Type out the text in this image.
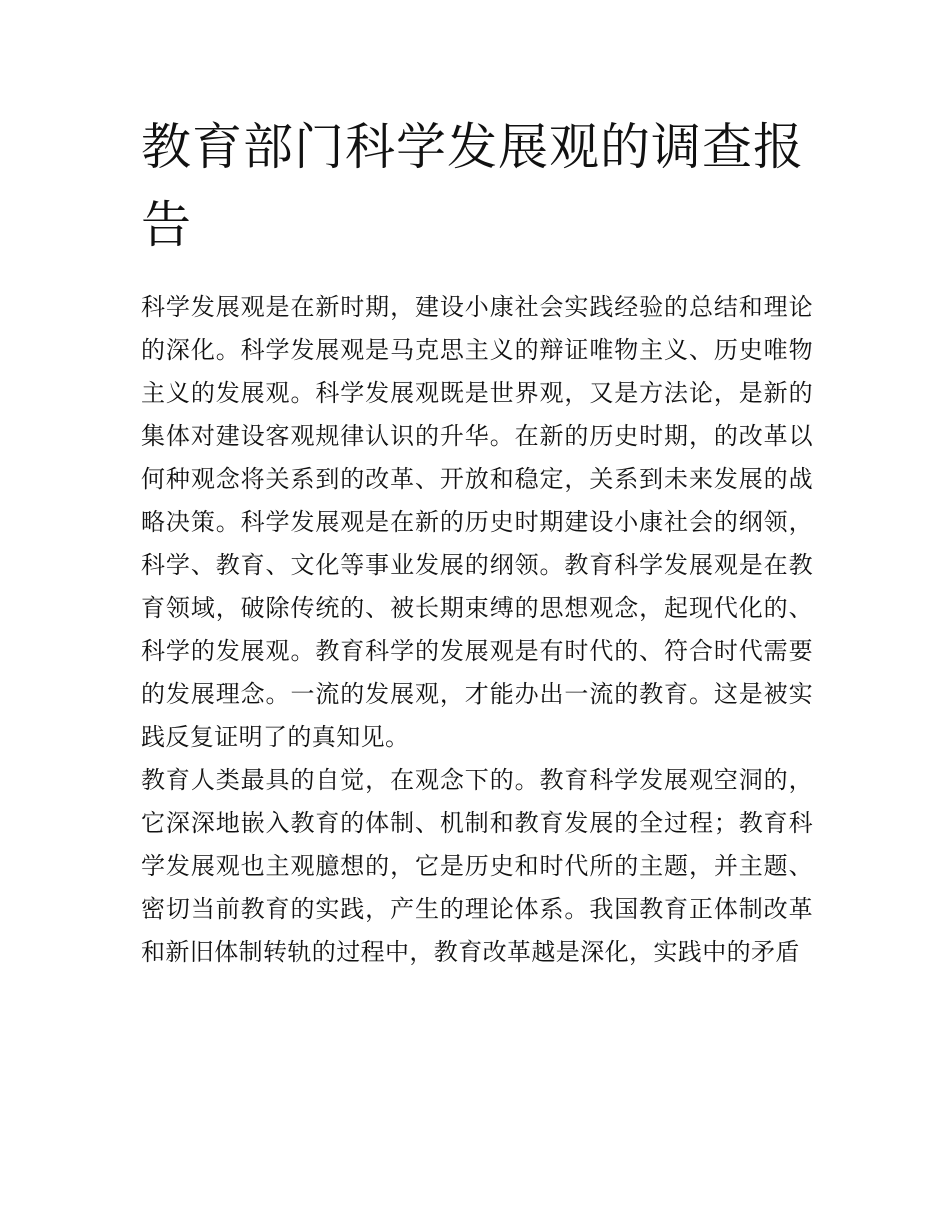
教育部门科学发展观的调查报告

科学发展观是在新时期，建设小康社会实践经验的总结和理论的深化。科学发展观是马克思主义的辩证唯物主义、历史唯物主义的发展观。科学发展观既是世界观，又是方法论，是新的集体对建设客观规律认识的升华。在新的历史时期，的改革以何种观念将关系到的改革、开放和稳定，关系到未来发展的战略决策。科学发展观是在新的历史时期建设小康社会的纲领，科学、教育、文化等事业发展的纲领。教育科学发展观是在教育领域，破除传统的、被长期束缚的思想观念，起现代化的、科学的发展观。教育科学的发展观是有时代的、符合时代需要的发展理念。一流的发展观，才能办出一流的教育。这是被实践反复证明了的真知见。

教育人类最具的自觉，在观念下的。教育科学发展观空洞的，它深深地嵌入教育的体制、机制和教育发展的全过程；教育科学发展观也主观臆想的，它是历史和时代所的主题，并主题、密切当前教育的实践，产生的理论体系。我国教育正体制改革和新旧体制转轨的过程中，教育改革越是深化，实践中的矛盾
